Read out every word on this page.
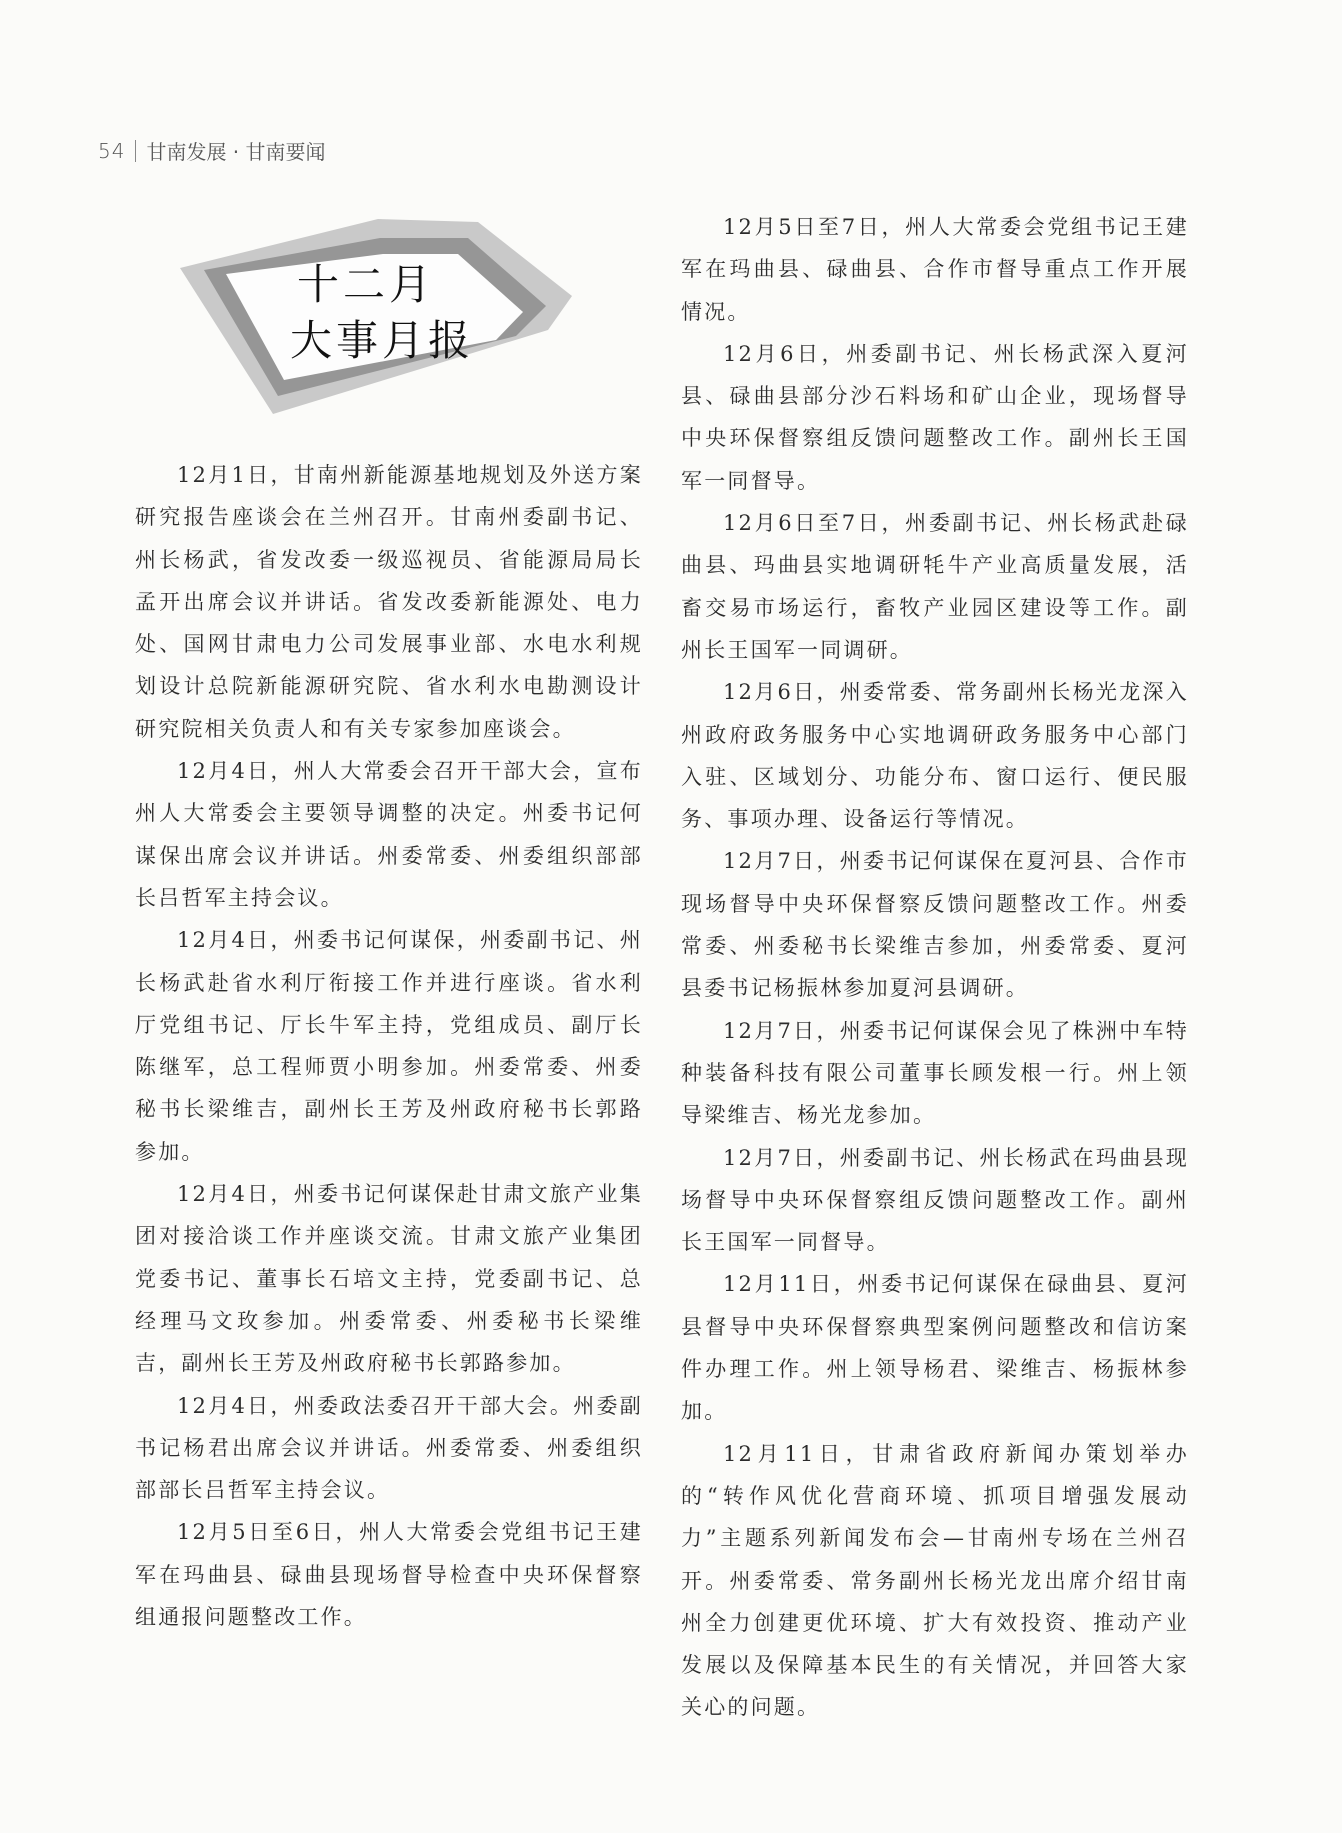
54 甘南发展 · 甘南要闻
十二月
大事月报

12月1日，甘南州新能源基地规划及外送方案研究报告座谈会在兰州召开。甘南州委副书记、州长杨武，省发改委一级巡视员、省能源局局长孟开出席会议并讲话。省发改委新能源处、电力处、国网甘肃电力公司发展事业部、水电水利规划设计总院新能源研究院、省水利水电勘测设计研究院相关负责人和有关专家参加座谈会。

12月4日，州人大常委会召开干部大会，宣布州人大常委会主要领导调整的决定。州委书记何谋保出席会议并讲话。州委常委、州委组织部部长吕哲军主持会议。

12月4日，州委书记何谋保，州委副书记、州长杨武赴省水利厅衔接工作并进行座谈。省水利厅党组书记、厅长牛军主持，党组成员、副厅长陈继军，总工程师贾小明参加。州委常委、州委秘书长梁维吉，副州长王芳及州政府秘书长郭路参加。

12月4日，州委书记何谋保赴甘肃文旅产业集团对接洽谈工作并座谈交流。甘肃文旅产业集团党委书记、董事长石培文主持，党委副书记、总经理马文玫参加。州委常委、州委秘书长梁维吉，副州长王芳及州政府秘书长郭路参加。

12月4日，州委政法委召开干部大会。州委副书记杨君出席会议并讲话。州委常委、州委组织部部长吕哲军主持会议。

12月5日至6日，州人大常委会党组书记王建军在玛曲县、碌曲县现场督导检查中央环保督察组通报问题整改工作。

12月5日至7日，州人大常委会党组书记王建军在玛曲县、碌曲县、合作市督导重点工作开展情况。

12月6日，州委副书记、州长杨武深入夏河县、碌曲县部分沙石料场和矿山企业，现场督导中央环保督察组反馈问题整改工作。副州长王国军一同督导。

12月6日至7日，州委副书记、州长杨武赴碌曲县、玛曲县实地调研牦牛产业高质量发展，活畜交易市场运行，畜牧产业园区建设等工作。副州长王国军一同调研。

12月6日，州委常委、常务副州长杨光龙深入州政府政务服务中心实地调研政务服务中心部门入驻、区域划分、功能分布、窗口运行、便民服务、事项办理、设备运行等情况。

12月7日，州委书记何谋保在夏河县、合作市现场督导中央环保督察反馈问题整改工作。州委常委、州委秘书长梁维吉参加，州委常委、夏河县委书记杨振林参加夏河县调研。

12月7日，州委书记何谋保会见了株洲中车特种装备科技有限公司董事长顾发根一行。州上领导梁维吉、杨光龙参加。

12月7日，州委副书记、州长杨武在玛曲县现场督导中央环保督察组反馈问题整改工作。副州长王国军一同督导。

12月11日，州委书记何谋保在碌曲县、夏河县督导中央环保督察典型案例问题整改和信访案件办理工作。州上领导杨君、梁维吉、杨振林参加。

12月11日，甘肃省政府新闻办策划举办的“转作风优化营商环境、抓项目增强发展动力”主题系列新闻发布会—甘南州专场在兰州召开。州委常委、常务副州长杨光龙出席介绍甘南州全力创建更优环境、扩大有效投资、推动产业发展以及保障基本民生的有关情况，并回答大家关心的问题。
